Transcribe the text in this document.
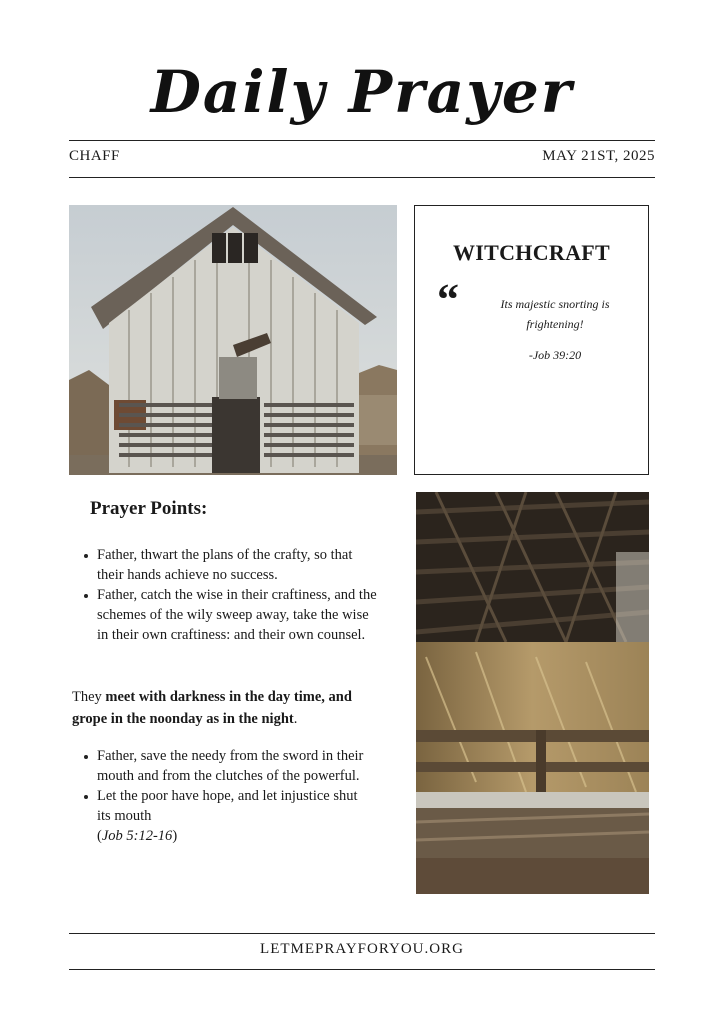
Daily Prayer
CHAFF	MAY 21ST, 2025
WITCHCRAFT
“	Its majestic snorting is frightening!
-Job 39:20
Prayer Points:
Father, thwart the plans of the crafty, so that their hands achieve no success.
Father, catch the wise in their craftiness, and the schemes of the wily sweep away, take the wise in their own craftiness: and their own counsel.
They meet with darkness in the day time, and grope in the noonday as in the night.
Father, save the needy from the sword in their mouth and from the clutches of the powerful.
Let the poor have hope, and let injustice shut its mouth
(Job 5:12-16)
LETMEPRAYFORYOU.ORG
